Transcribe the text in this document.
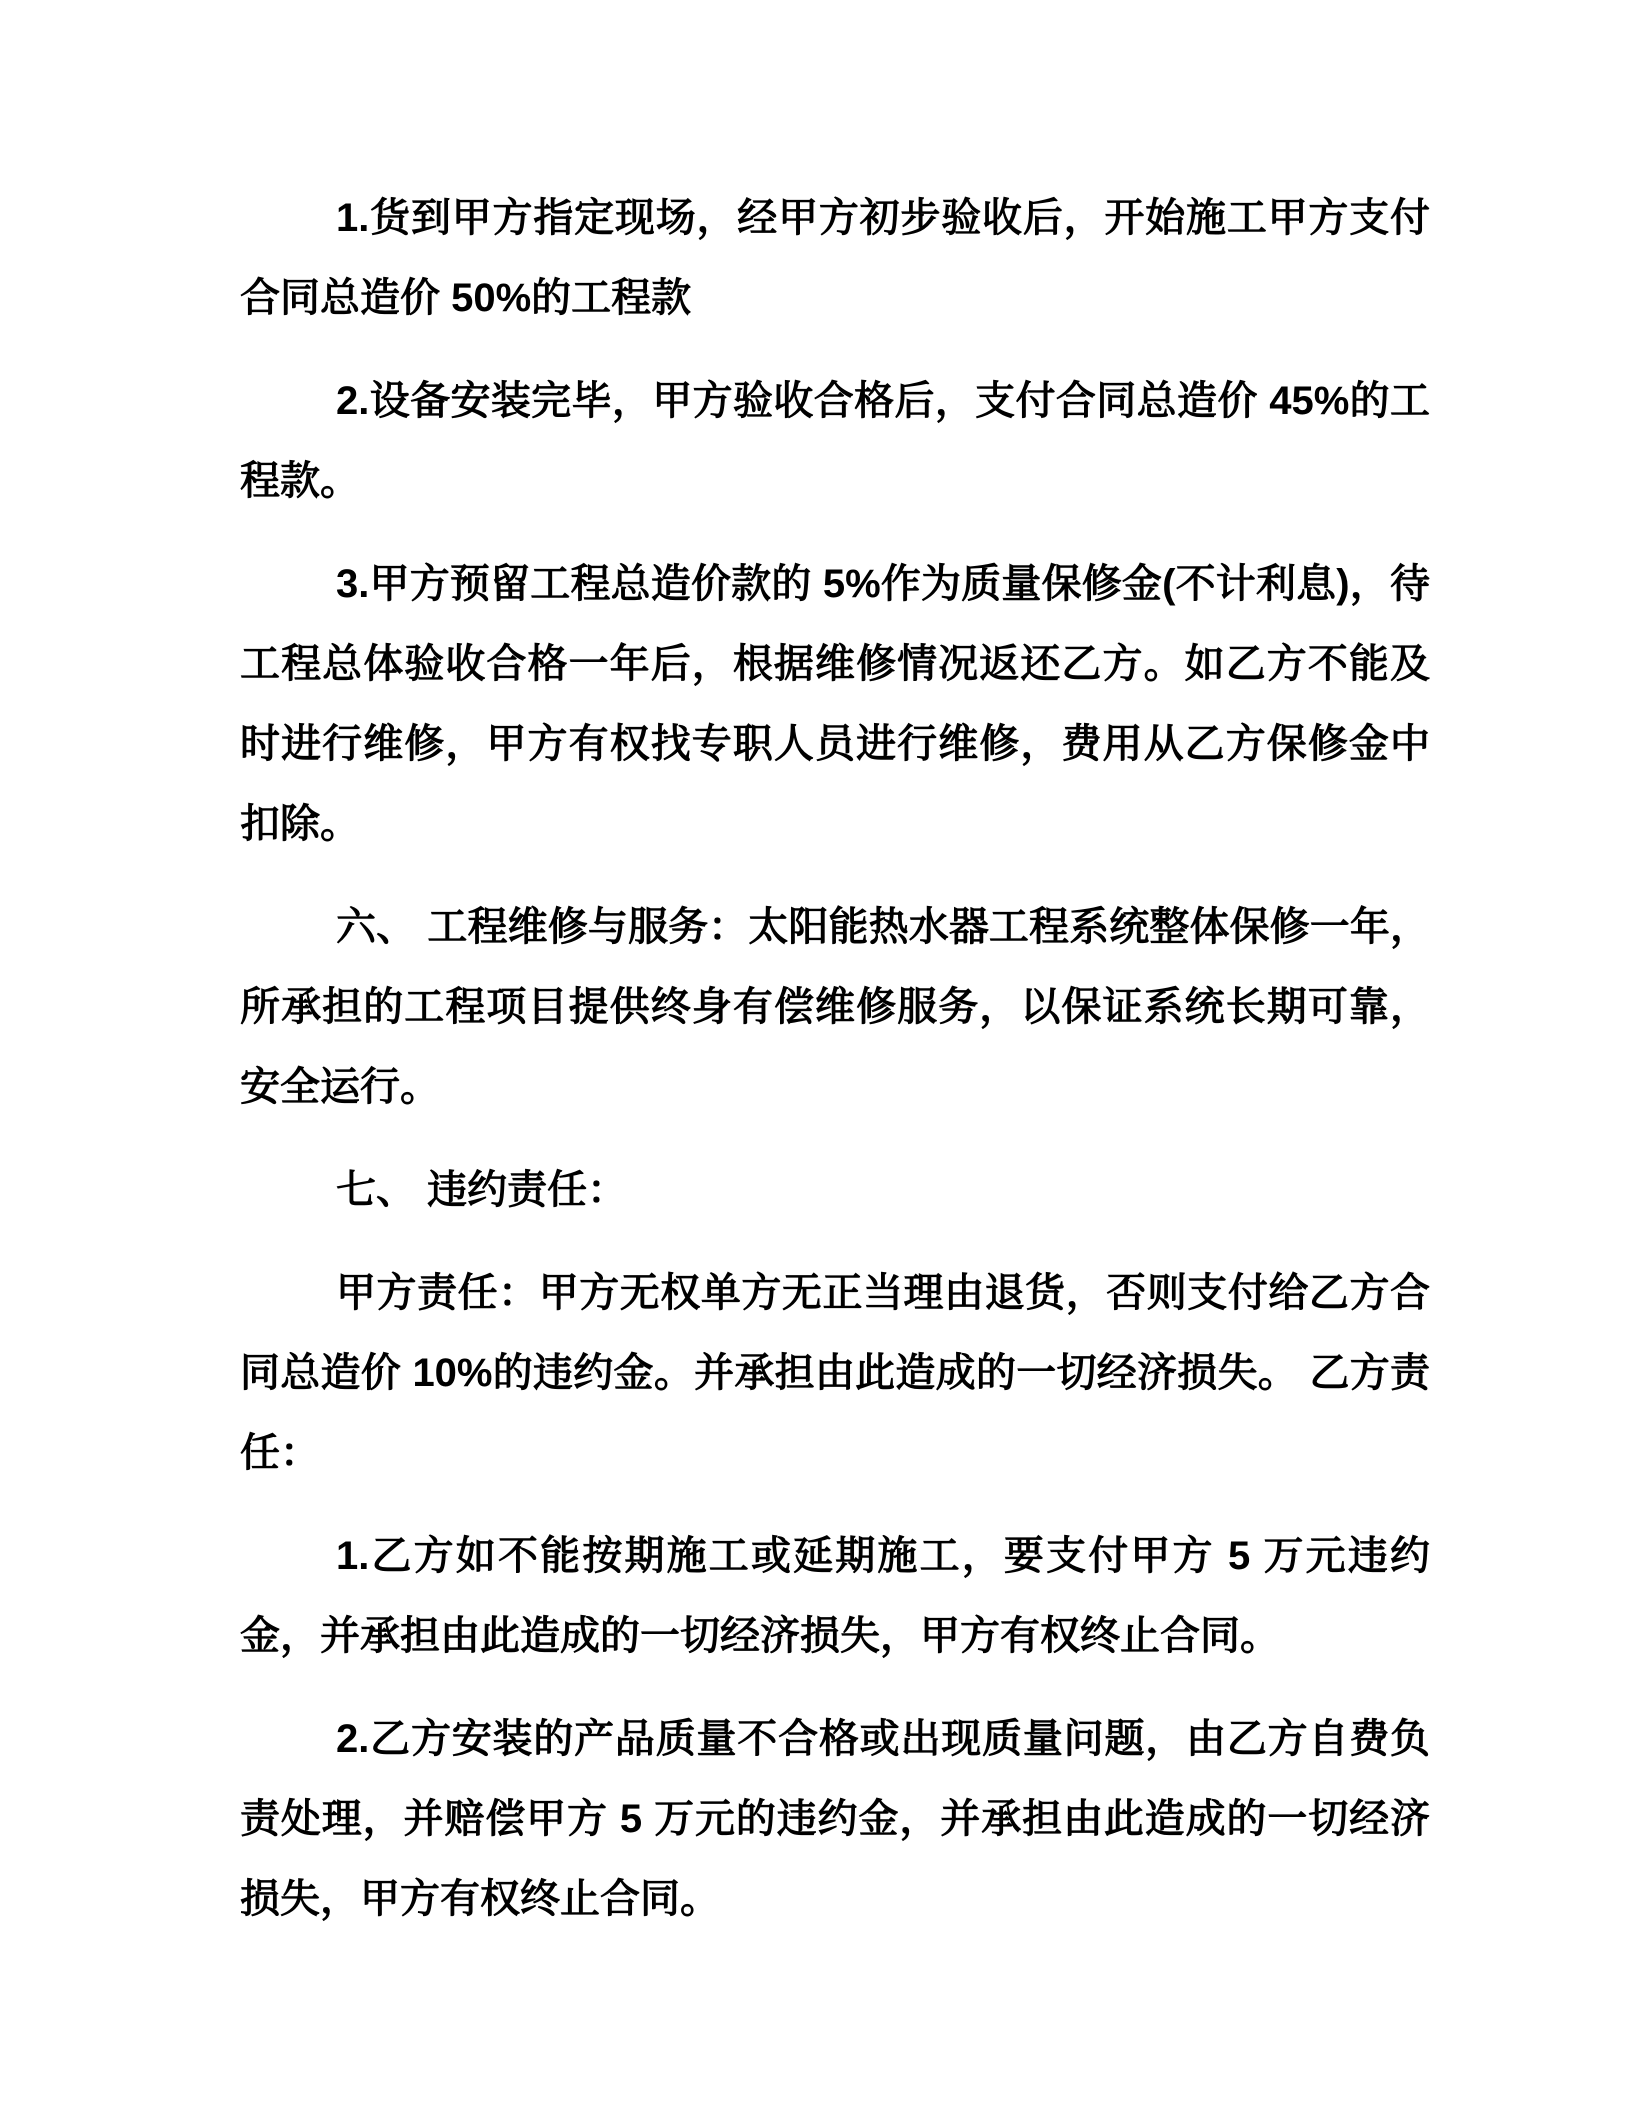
1.货到甲方指定现场，经甲方初步验收后，开始施工甲方支付合同总造价 50%的工程款

2.设备安装完毕，甲方验收合格后，支付合同总造价 45%的工程款。

3.甲方预留工程总造价款的 5%作为质量保修金(不计利息)，待工程总体验收合格一年后，根据维修情况返还乙方。如乙方不能及时进行维修，甲方有权找专职人员进行维修，费用从乙方保修金中扣除。

六、 工程维修与服务：太阳能热水器工程系统整体保修一年，所承担的工程项目提供终身有偿维修服务，以保证系统长期可靠，安全运行。

七、 违约责任：

甲方责任：甲方无权单方无正当理由退货，否则支付给乙方合同总造价 10%的违约金。并承担由此造成的一切经济损失。 乙方责任：

1.乙方如不能按期施工或延期施工，要支付甲方 5 万元违约金，并承担由此造成的一切经济损失，甲方有权终止合同。

2.乙方安装的产品质量不合格或出现质量问题，由乙方自费负责处理，并赔偿甲方 5 万元的违约金，并承担由此造成的一切经济损失，甲方有权终止合同。
